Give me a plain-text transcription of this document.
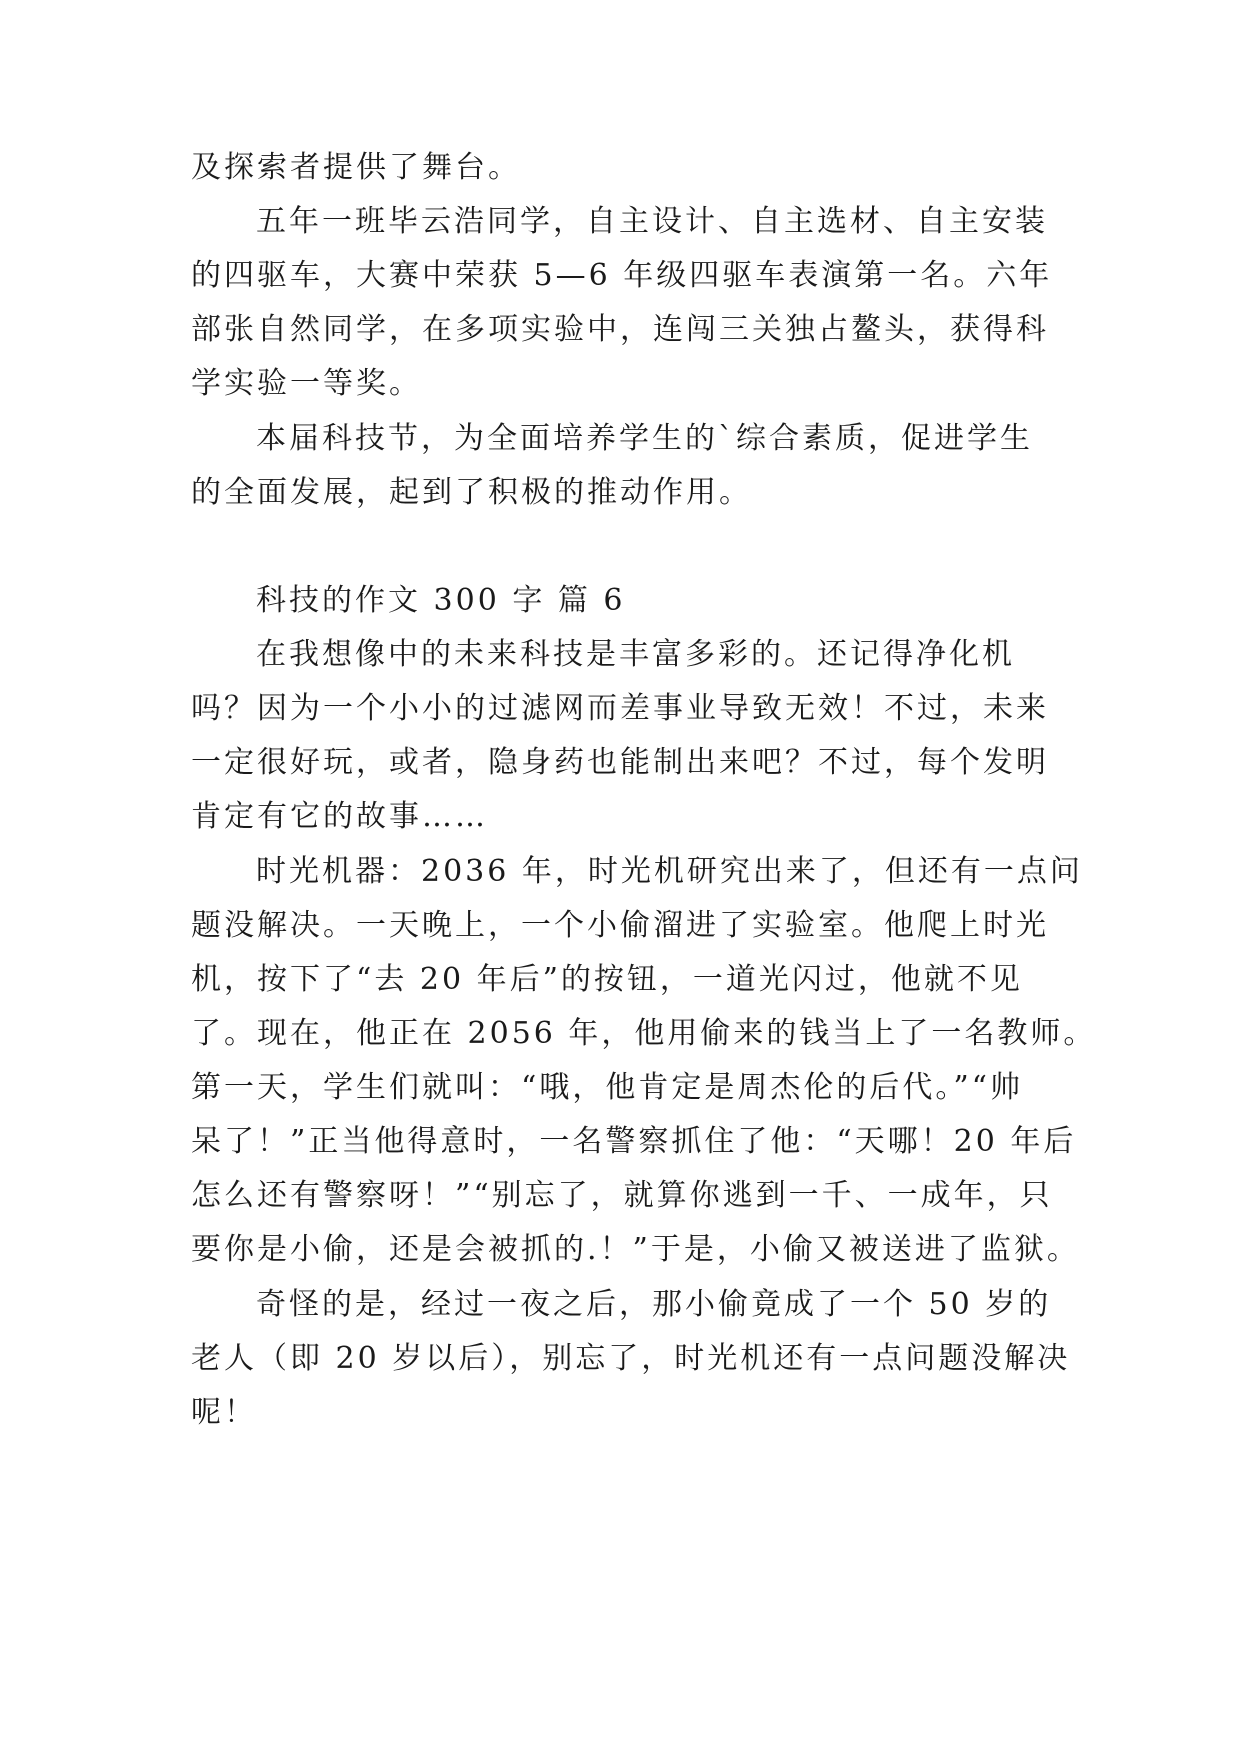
及探索者提供了舞台。
五年一班毕云浩同学，自主设计、自主选材、自主安装
的四驱车，大赛中荣获 5—6 年级四驱车表演第一名。六年
部张自然同学，在多项实验中，连闯三关独占鳌头，获得科
学实验一等奖。
本届科技节，为全面培养学生的`综合素质，促进学生
的全面发展，起到了积极的推动作用。
科技的作文 300 字 篇 6
在我想像中的未来科技是丰富多彩的。还记得净化机
吗？因为一个小小的过滤网而差事业导致无效！不过，未来
一定很好玩，或者，隐身药也能制出来吧？不过，每个发明
肯定有它的故事……
时光机器：2036 年，时光机研究出来了，但还有一点问
题没解决。一天晚上，一个小偷溜进了实验室。他爬上时光
机，按下了“去 20 年后”的按钮，一道光闪过，他就不见
了。现在，他正在 2056 年，他用偷来的钱当上了一名教师。
第一天，学生们就叫：“哦，他肯定是周杰伦的后代。”“帅
呆了！”正当他得意时，一名警察抓住了他：“天哪！20 年后
怎么还有警察呀！”“别忘了，就算你逃到一千、一成年，只
要你是小偷，还是会被抓的.！”于是，小偷又被送进了监狱。
奇怪的是，经过一夜之后，那小偷竟成了一个 50 岁的
老人（即 20 岁以后），别忘了，时光机还有一点问题没解决
呢！
